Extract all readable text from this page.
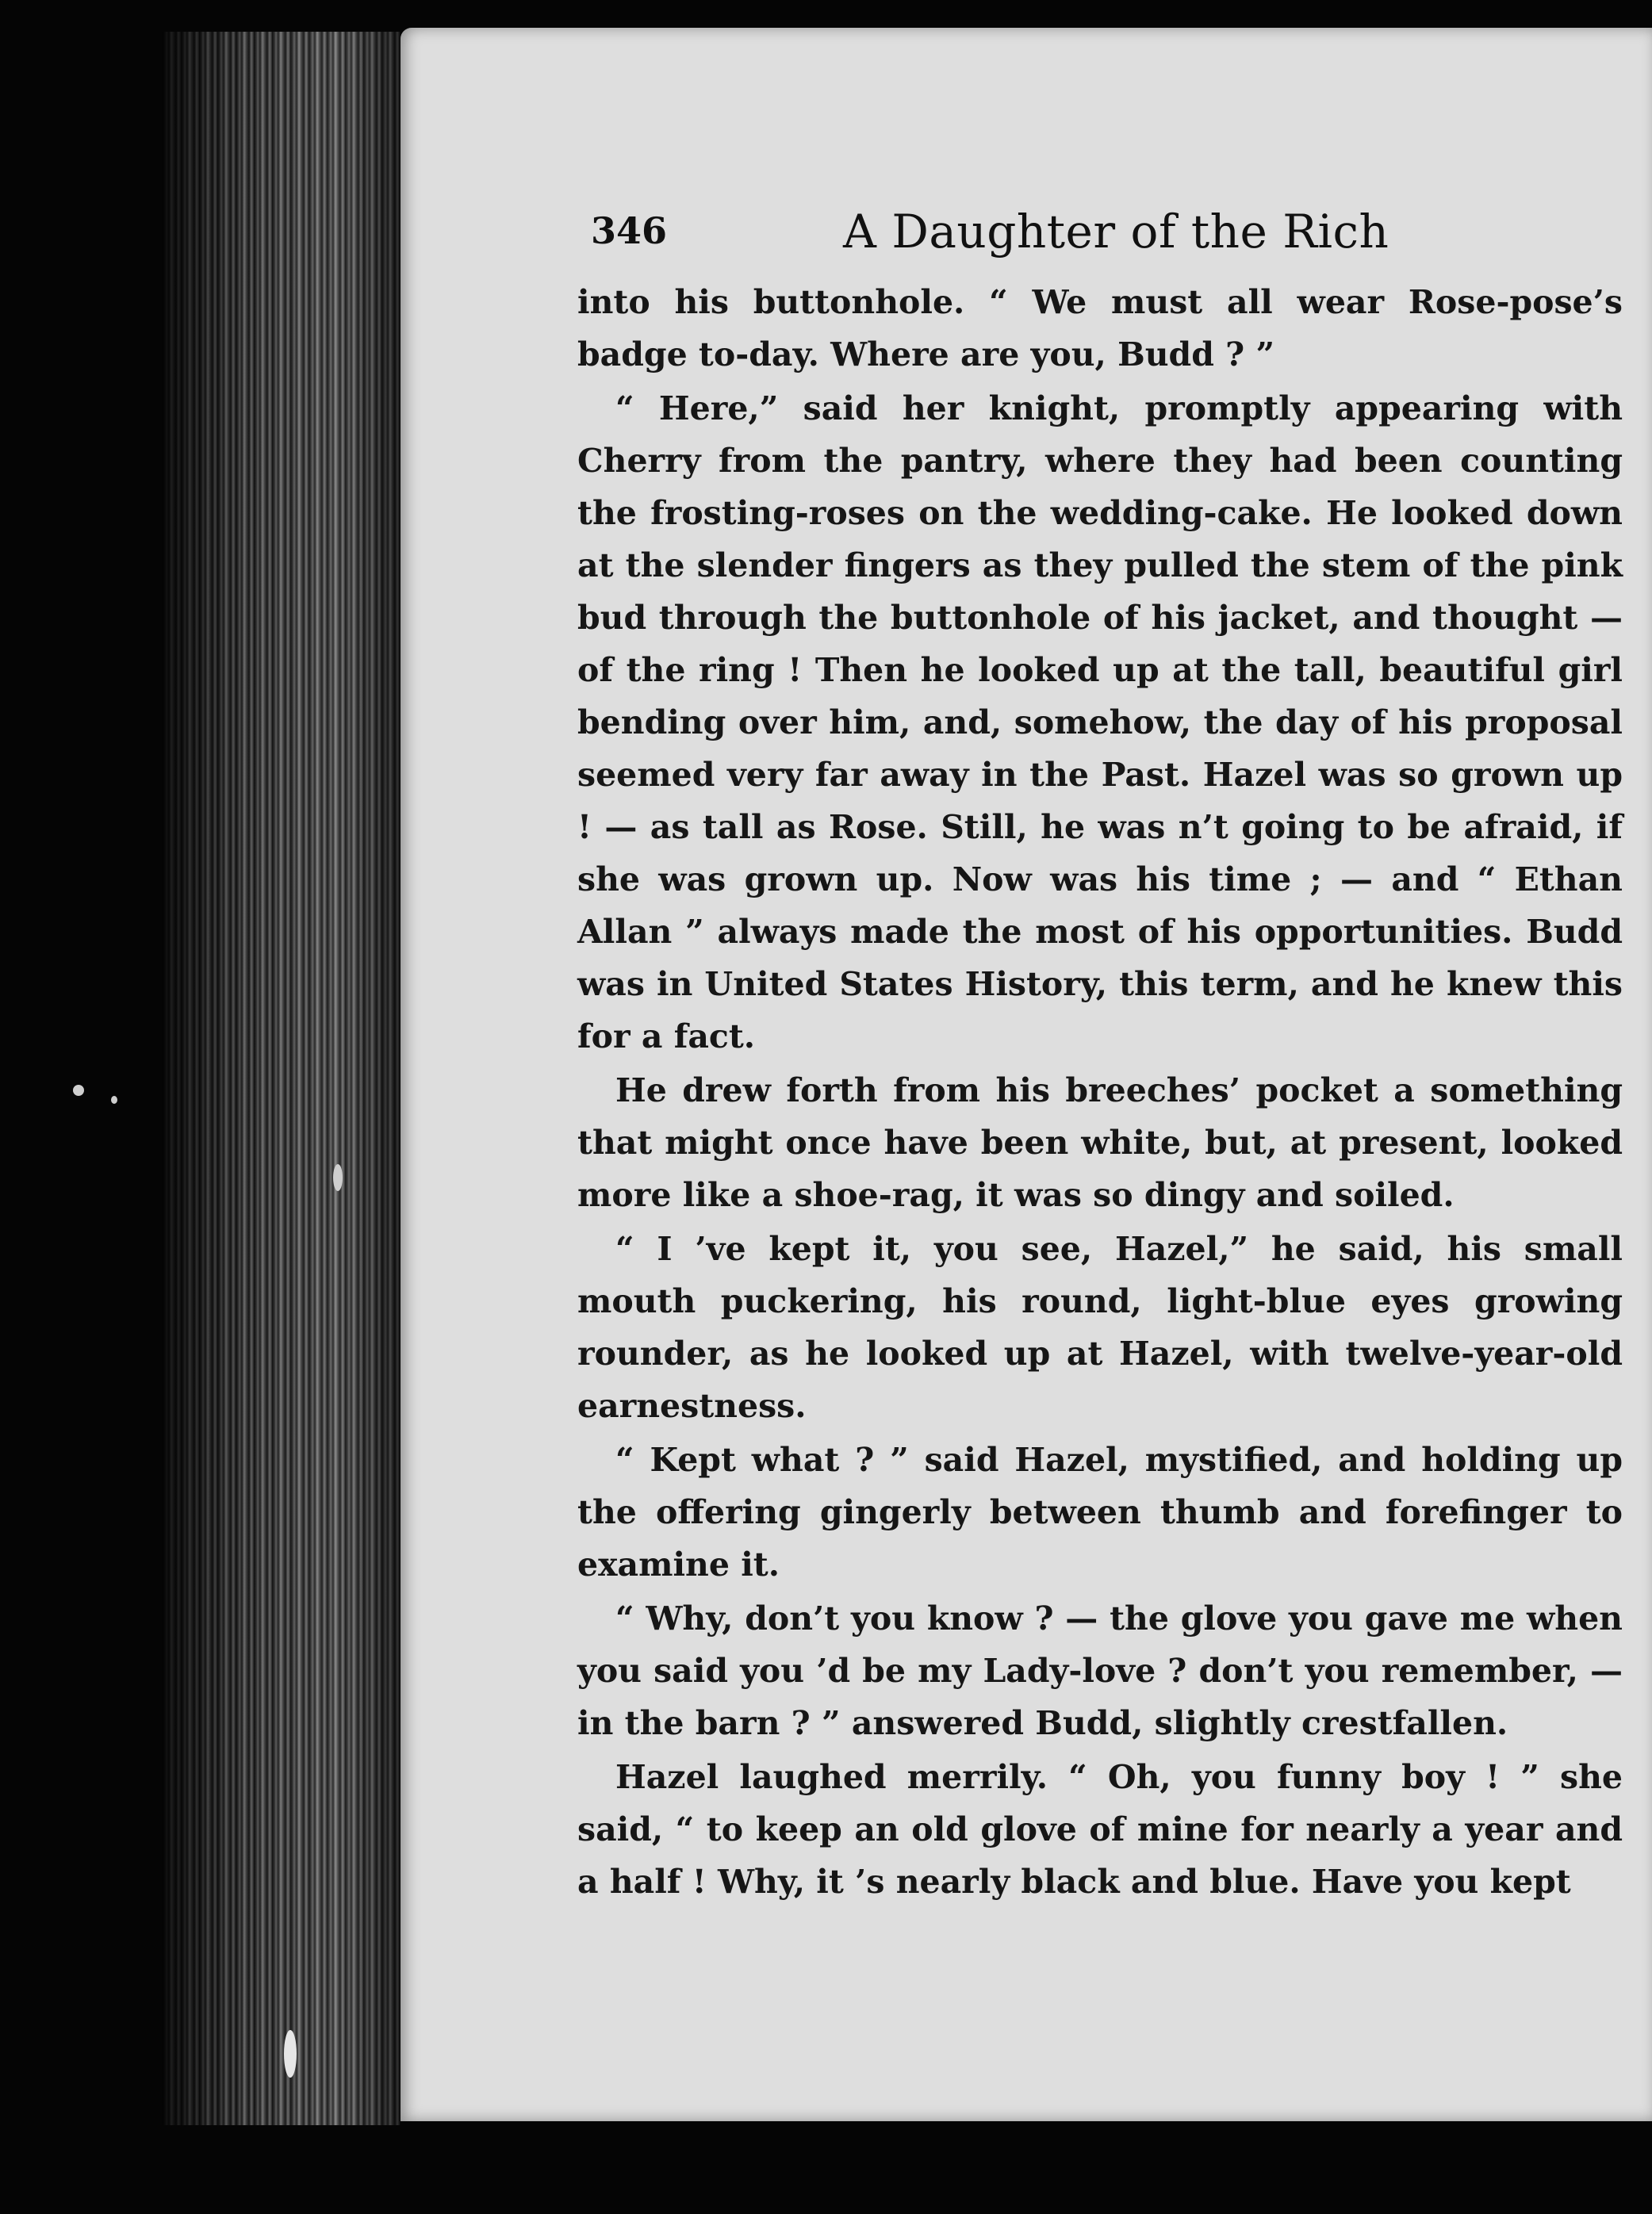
346	A Daughter of the Rich

into his buttonhole. “ We must all wear Rose-pose’s badge to-day. Where are you, Budd ? ”

“ Here,” said her knight, promptly appearing with Cherry from the pantry, where they had been counting the frosting-roses on the wedding-cake. He looked down at the slender fingers as they pulled the stem of the pink bud through the buttonhole of his jacket, and thought — of the ring ! Then he looked up at the tall, beautiful girl bending over him, and, somehow, the day of his proposal seemed very far away in the Past. Hazel was so grown up ! — as tall as Rose. Still, he was n’t going to be afraid, if she was grown up. Now was his time ; — and “ Ethan Allan ” always made the most of his opportunities. Budd was in United States History, this term, and he knew this for a fact.

He drew forth from his breeches’ pocket a something that might once have been white, but, at present, looked more like a shoe-rag, it was so dingy and soiled.

“ I ’ve kept it, you see, Hazel,” he said, his small mouth puckering, his round, light-blue eyes growing rounder, as he looked up at Hazel, with twelve-year-old earnestness.

“ Kept what ? ” said Hazel, mystified, and holding up the offering gingerly between thumb and forefinger to examine it.

“ Why, don’t you know ? — the glove you gave me when you said you ’d be my Lady-love ? don’t you remember, — in the barn ? ” answered Budd, slightly crestfallen.

Hazel laughed merrily. “ Oh, you funny boy ! ” she said, “ to keep an old glove of mine for nearly a year and a half ! Why, it ’s nearly black and blue. Have you kept
